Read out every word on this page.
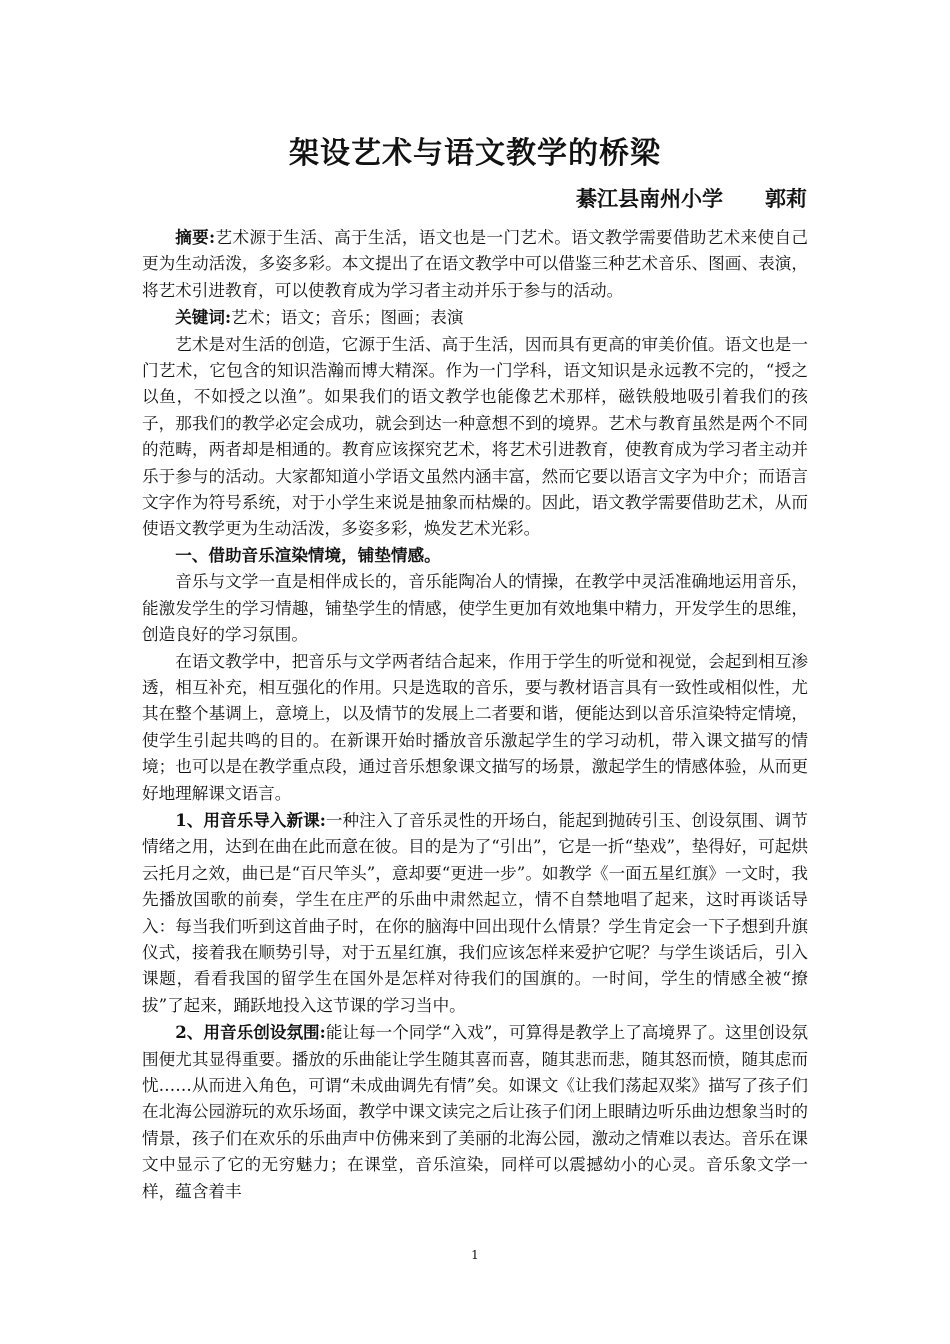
架设艺术与语文教学的桥梁
綦江县南州小学　　郭莉

摘要:艺术源于生活、高于生活，语文也是一门艺术。语文教学需要借助艺术来使自己更为生动活泼，多姿多彩。本文提出了在语文教学中可以借鉴三种艺术音乐、图画、表演，将艺术引进教育，可以使教育成为学习者主动并乐于参与的活动。

关键词:艺术；语文；音乐；图画；表演

艺术是对生活的创造，它源于生活、高于生活，因而具有更高的审美价值。语文也是一门艺术，它包含的知识浩瀚而博大精深。作为一门学科，语文知识是永远教不完的，“授之以鱼，不如授之以渔”。如果我们的语文教学也能像艺术那样，磁铁般地吸引着我们的孩子，那我们的教学必定会成功，就会到达一种意想不到的境界。艺术与教育虽然是两个不同的范畴，两者却是相通的。教育应该探究艺术，将艺术引进教育，使教育成为学习者主动并乐于参与的活动。大家都知道小学语文虽然内涵丰富，然而它要以语言文字为中介；而语言文字作为符号系统，对于小学生来说是抽象而枯燥的。因此，语文教学需要借助艺术，从而使语文教学更为生动活泼，多姿多彩，焕发艺术光彩。

一、借助音乐渲染情境，铺垫情感。

音乐与文学一直是相伴成长的，音乐能陶冶人的情操，在教学中灵活准确地运用音乐，能激发学生的学习情趣，铺垫学生的情感，使学生更加有效地集中精力，开发学生的思维，创造良好的学习氛围。

在语文教学中，把音乐与文学两者结合起来，作用于学生的听觉和视觉，会起到相互渗透，相互补充，相互强化的作用。只是选取的音乐，要与教材语言具有一致性或相似性，尤其在整个基调上，意境上，以及情节的发展上二者要和谐，便能达到以音乐渲染特定情境，使学生引起共鸣的目的。在新课开始时播放音乐激起学生的学习动机，带入课文描写的情境；也可以是在教学重点段，通过音乐想象课文描写的场景，激起学生的情感体验，从而更好地理解课文语言。

1、用音乐导入新课:一种注入了音乐灵性的开场白，能起到抛砖引玉、创设氛围、调节情绪之用，达到在曲在此而意在彼。目的是为了“引出”，它是一折“垫戏”，垫得好，可起烘云托月之效，曲已是“百尺竿头”，意却要“更进一步”。如教学《一面五星红旗》一文时，我先播放国歌的前奏，学生在庄严的乐曲中肃然起立，情不自禁地唱了起来，这时再谈话导入：每当我们听到这首曲子时，在你的脑海中回出现什么情景？学生肯定会一下子想到升旗仪式，接着我在顺势引导，对于五星红旗，我们应该怎样来爱护它呢？与学生谈话后，引入课题，看看我国的留学生在国外是怎样对待我们的国旗的。一时间，学生的情感全被“撩拔”了起来，踊跃地投入这节课的学习当中。

2、用音乐创设氛围:能让每一个同学“入戏”，可算得是教学上了高境界了。这里创设氛围便尤其显得重要。播放的乐曲能让学生随其喜而喜，随其悲而悲，随其怒而愤，随其虑而忧……从而进入角色，可谓“未成曲调先有情”矣。如课文《让我们荡起双桨》描写了孩子们在北海公园游玩的欢乐场面，教学中课文读完之后让孩子们闭上眼睛边听乐曲边想象当时的情景，孩子们在欢乐的乐曲声中仿佛来到了美丽的北海公园，激动之情难以表达。音乐在课文中显示了它的无穷魅力；在课堂，音乐渲染，同样可以震撼幼小的心灵。音乐象文学一样，蕴含着丰

1
